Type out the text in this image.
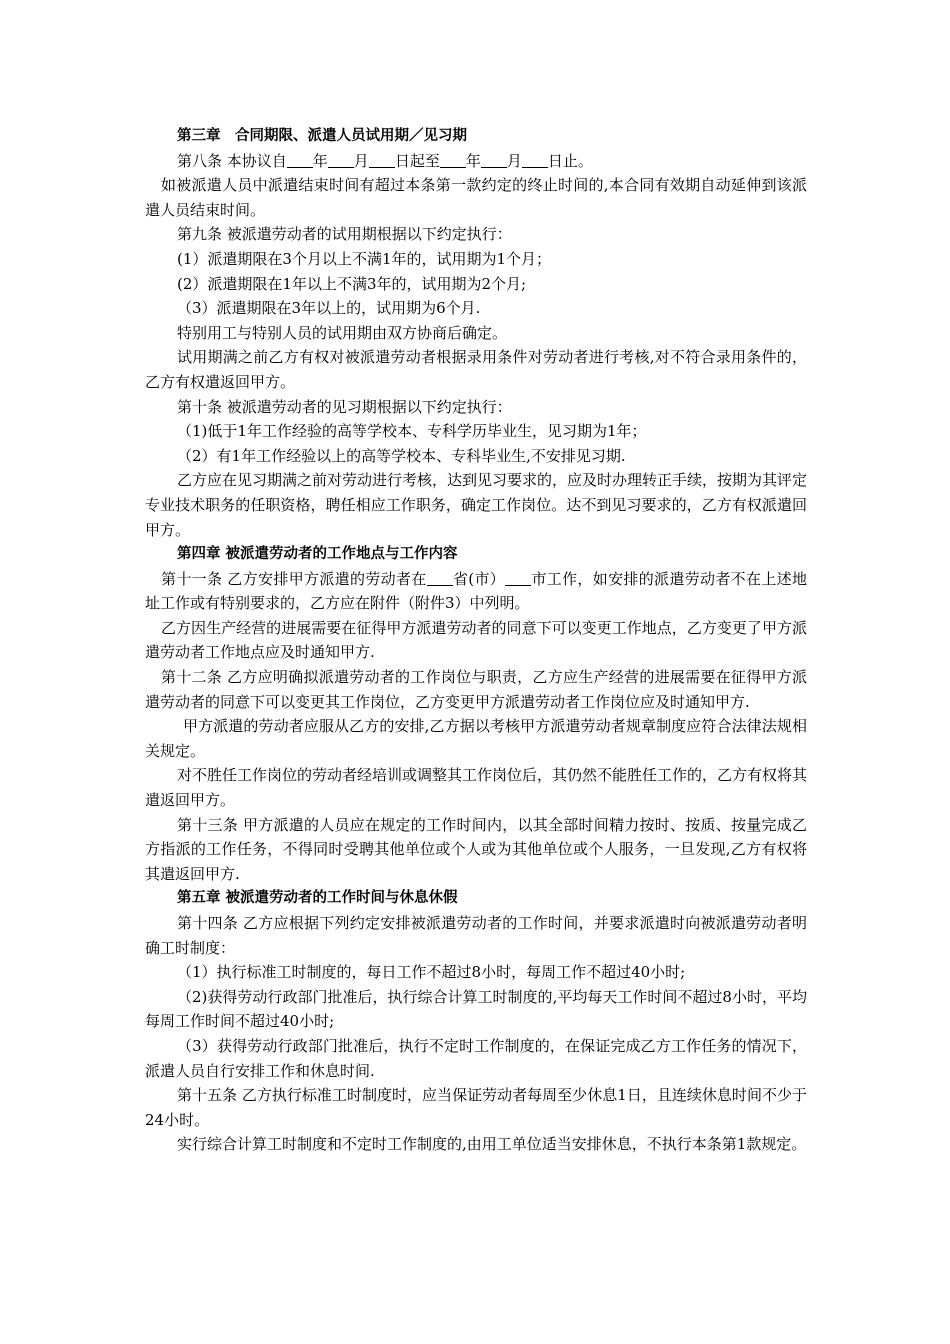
第三章　合同期限、派遣人员试用期／见习期

第八条 本协议自 年 月 日起至 年 月 日止。

如被派遣人员中派遣结束时间有超过本条第一款约定的终止时间的,本合同有效期自动延伸到该派遣人员结束时间。

第九条 被派遣劳动者的试用期根据以下约定执行：

(1）派遣期限在3个月以上不满1年的，试用期为1个月；

(2）派遣期限在1年以上不满3年的，试用期为2个月;

（3）派遣期限在3年以上的，试用期为6个月.

特别用工与特别人员的试用期由双方协商后确定。

试用期满之前乙方有权对被派遣劳动者根据录用条件对劳动者进行考核,对不符合录用条件的，乙方有权遣返回甲方。

第十条 被派遣劳动者的见习期根据以下约定执行：

（1)低于1年工作经验的高等学校本、专科学历毕业生，见习期为1年；

（2）有1年工作经验以上的高等学校本、专科毕业生,不安排见习期.

乙方应在见习期满之前对劳动进行考核，达到见习要求的，应及时办理转正手续，按期为其评定专业技术职务的任职资格，聘任相应工作职务，确定工作岗位。达不到见习要求的，乙方有权派遣回甲方。

第四章 被派遣劳动者的工作地点与工作内容

第十一条 乙方安排甲方派遣的劳动者在 省(市） 市工作，如安排的派遣劳动者不在上述地址工作或有特别要求的，乙方应在附件（附件3）中列明。

乙方因生产经营的进展需要在征得甲方派遣劳动者的同意下可以变更工作地点，乙方变更了甲方派遣劳动者工作地点应及时通知甲方.

第十二条 乙方应明确拟派遣劳动者的工作岗位与职责，乙方应生产经营的进展需要在征得甲方派遣劳动者的同意下可以变更其工作岗位，乙方变更甲方派遣劳动者工作岗位应及时通知甲方.

甲方派遣的劳动者应服从乙方的安排,乙方据以考核甲方派遣劳动者规章制度应符合法律法规相关规定。

对不胜任工作岗位的劳动者经培训或调整其工作岗位后，其仍然不能胜任工作的，乙方有权将其遣返回甲方。

第十三条 甲方派遣的人员应在规定的工作时间内，以其全部时间精力按时、按质、按量完成乙方指派的工作任务，不得同时受聘其他单位或个人或为其他单位或个人服务，一旦发现,乙方有权将其遣返回甲方.

第五章 被派遣劳动者的工作时间与休息休假

第十四条 乙方应根据下列约定安排被派遣劳动者的工作时间，并要求派遣时向被派遣劳动者明确工时制度：

（1）执行标准工时制度的，每日工作不超过8小时，每周工作不超过40小时;

（2)获得劳动行政部门批准后，执行综合计算工时制度的,平均每天工作时间不超过8小时，平均每周工作时间不超过40小时;

（3）获得劳动行政部门批准后，执行不定时工作制度的，在保证完成乙方工作任务的情况下，派遣人员自行安排工作和休息时间.

第十五条 乙方执行标准工时制度时，应当保证劳动者每周至少休息1日，且连续休息时间不少于24小时。

实行综合计算工时制度和不定时工作制度的,由用工单位适当安排休息，不执行本条第1款规定。
